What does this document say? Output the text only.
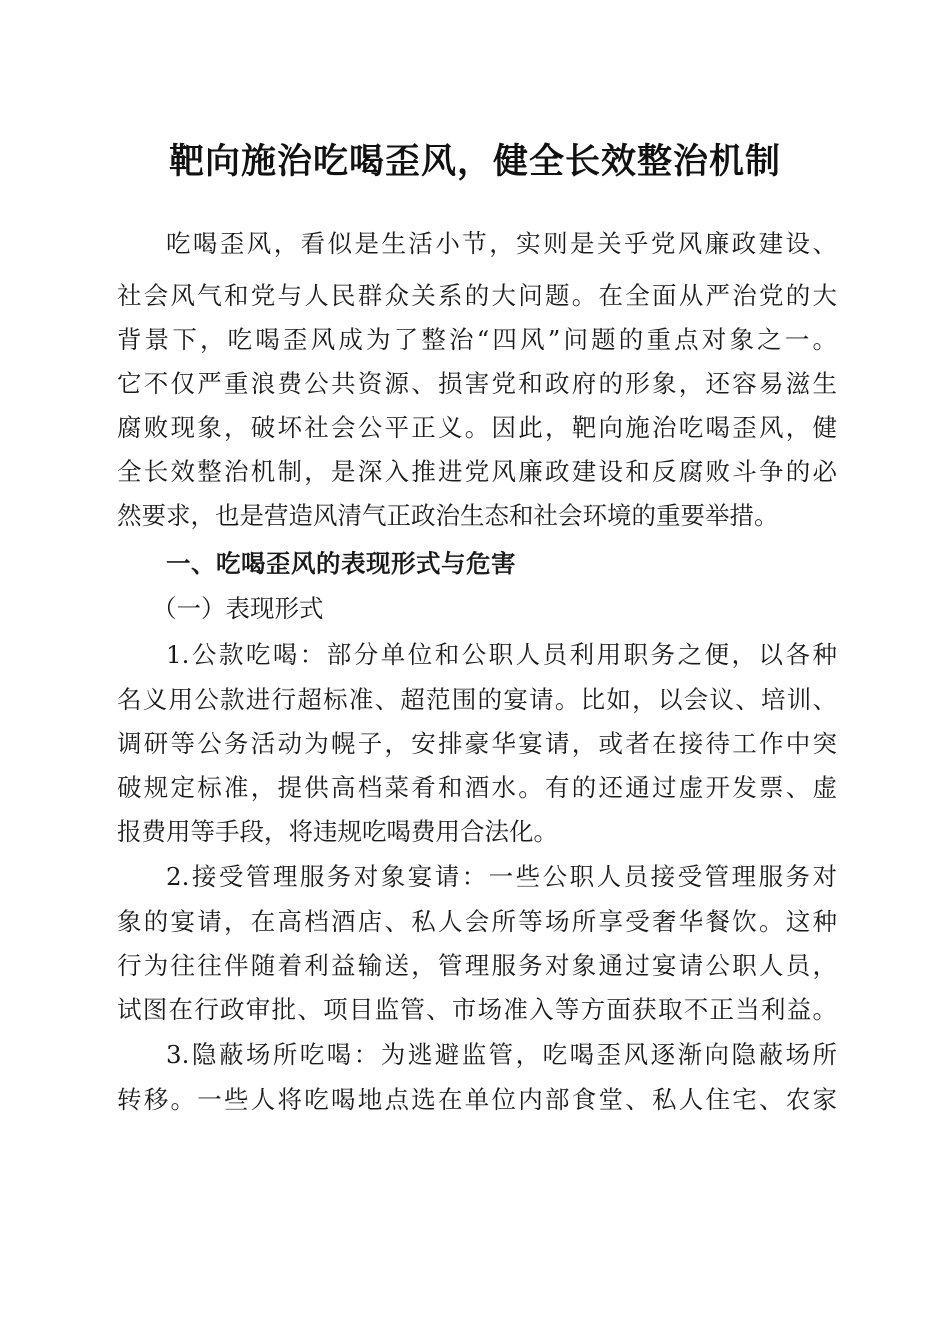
靶向施治吃喝歪风，健全长效整治机制
吃喝歪风，看似是生活小节，实则是关乎党风廉政建设、
社会风气和党与人民群众关系的大问题。在全面从严治党的大
背景下，吃喝歪风成为了整治“四风”问题的重点对象之一。
它不仅严重浪费公共资源、损害党和政府的形象，还容易滋生
腐败现象，破坏社会公平正义。因此，靶向施治吃喝歪风，健
全长效整治机制，是深入推进党风廉政建设和反腐败斗争的必
然要求，也是营造风清气正政治生态和社会环境的重要举措。
一、吃喝歪风的表现形式与危害
（一）表现形式
1.公款吃喝：部分单位和公职人员利用职务之便，以各种
名义用公款进行超标准、超范围的宴请。比如，以会议、培训、
调研等公务活动为幌子，安排豪华宴请，或者在接待工作中突
破规定标准，提供高档菜肴和酒水。有的还通过虚开发票、虚
报费用等手段，将违规吃喝费用合法化。
2.接受管理服务对象宴请：一些公职人员接受管理服务对
象的宴请，在高档酒店、私人会所等场所享受奢华餐饮。这种
行为往往伴随着利益输送，管理服务对象通过宴请公职人员，
试图在行政审批、项目监管、市场准入等方面获取不正当利益。
3.隐蔽场所吃喝：为逃避监管，吃喝歪风逐渐向隐蔽场所
转移。一些人将吃喝地点选在单位内部食堂、私人住宅、农家
